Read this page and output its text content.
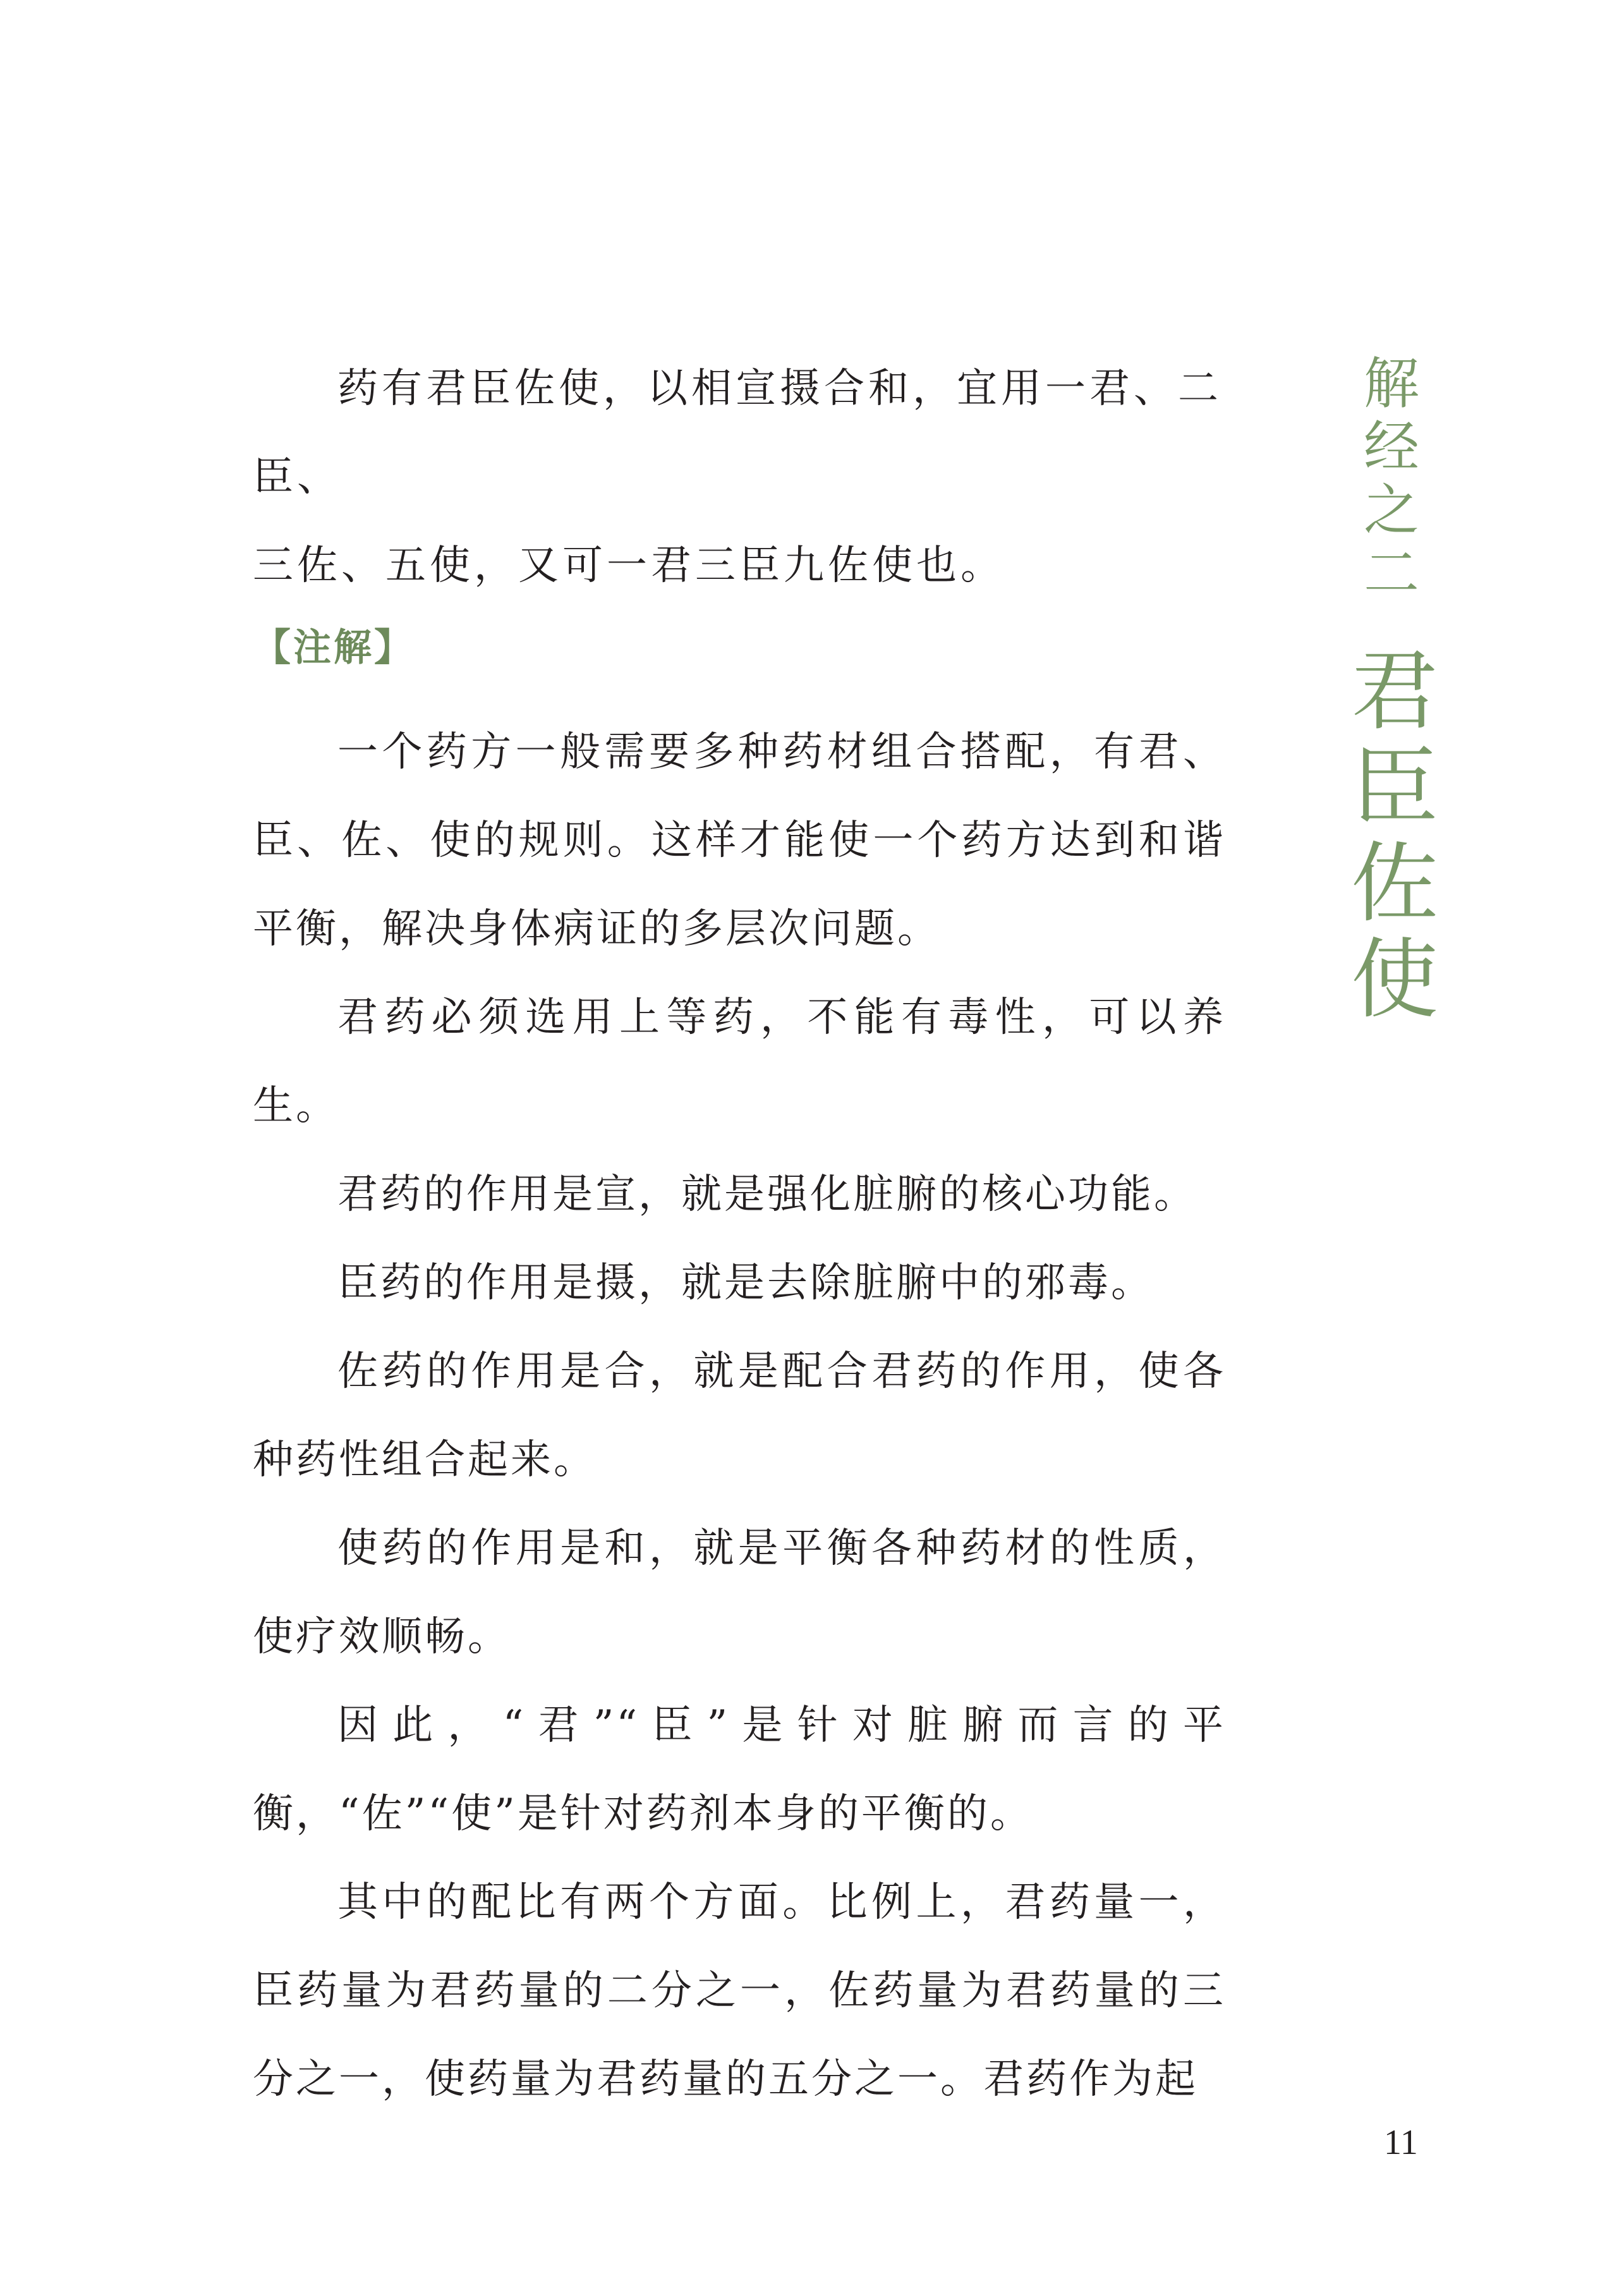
药有君臣佐使，以相宣摄合和，宜用一君、二臣、

三佐、五使，又可一君三臣九佐使也。

【注解】

一个药方一般需要多种药材组合搭配，有君、臣、佐、使的规则。这样才能使一个药方达到和谐平衡，解决身体病证的多层次问题。

君药必须选用上等药，不能有毒性，可以养生。

君药的作用是宣，就是强化脏腑的核心功能。

臣药的作用是摄，就是去除脏腑中的邪毒。

佐药的作用是合，就是配合君药的作用，使各种药性组合起来。

使药的作用是和，就是平衡各种药材的性质，使疗效顺畅。

因此，“君”“臣”是针对脏腑而言的平衡，“佐”“使”是针对药剂本身的平衡的。

其中的配比有两个方面。比例上，君药量一，臣药量为君药量的二分之一，佐药量为君药量的三分之一，使药量为君药量的五分之一。君药作为起

解经之二
君臣佐使
11
